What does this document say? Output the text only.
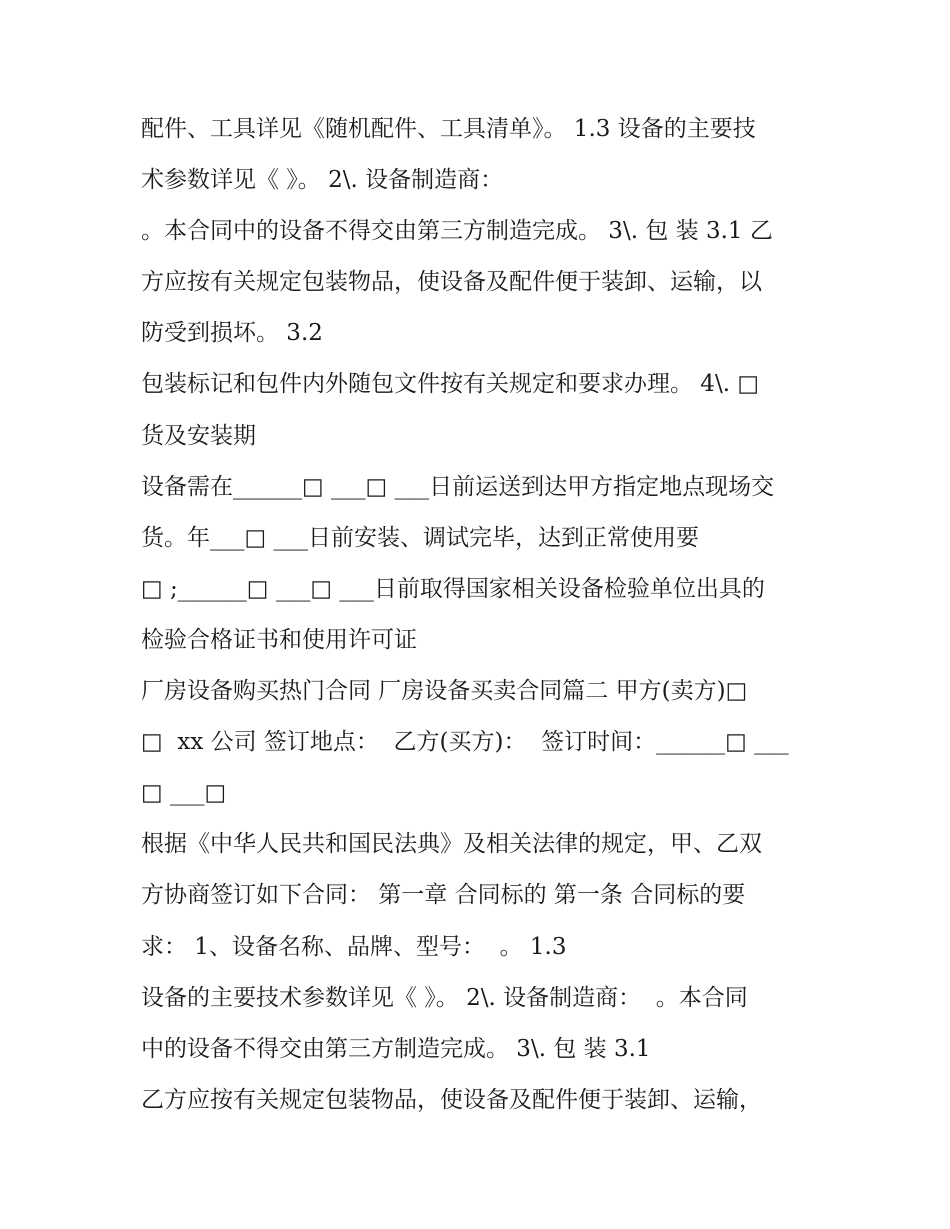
配件、工具详见《随机配件、工具清单》。 1.3 设备的主要技
术参数详见《 》。 2\. 设备制造商：
。本合同中的设备不得交由第三方制造完成。 3\. 包 装 3.1 乙
方应按有关规定包装物品，使设备及配件便于装卸、运输，以
防受到损坏。 3.2
包装标记和包件内外随包文件按有关规定和要求办理。 4\. □
货及安装期
设备需在______□ ___□ ___日前运送到达甲方指定地点现场交
货。年___□ ___日前安装、调试完毕，达到正常使用要
□ ;______□ ___□ ___日前取得国家相关设备检验单位出具的
检验合格证书和使用许可证
厂房设备购买热门合同 厂房设备买卖合同篇二 甲方(卖方)□
□  xx 公司 签订地点：  乙方(买方)：  签订时间：______□ ___
□ ___□
根据《中华人民共和国民法典》及相关法律的规定，甲、乙双
方协商签订如下合同： 第一章 合同标的 第一条 合同标的要
求： 1、设备名称、品牌、型号：  。 1.3
设备的主要技术参数详见《 》。 2\. 设备制造商：  。本合同
中的设备不得交由第三方制造完成。 3\. 包 装 3.1
乙方应按有关规定包装物品，使设备及配件便于装卸、运输，
